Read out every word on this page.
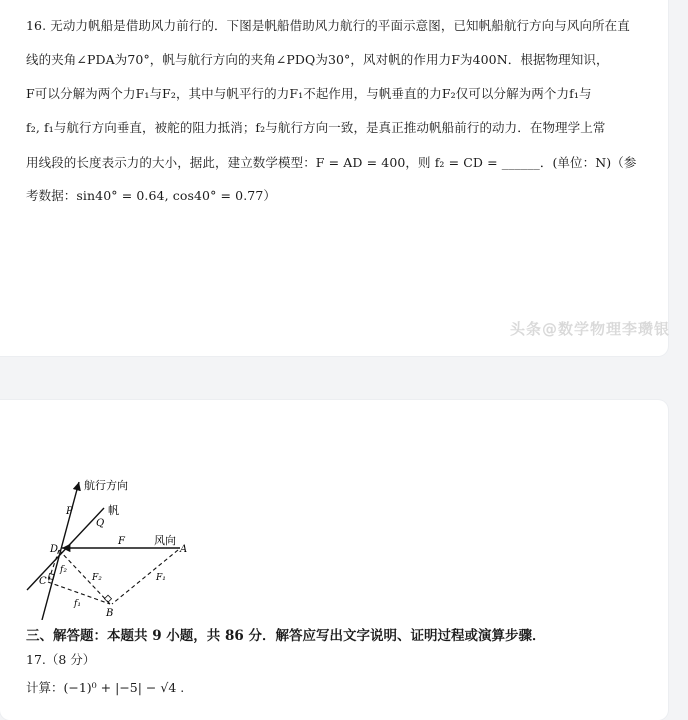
16. 无动力帆船是借助风力前行的．下图是帆船借助风力航行的平面示意图，已知帆船航行方向与风向所在直
线的夹角∠PDA为70°，帆与航行方向的夹角∠PDQ为30°，风对帆的作用力F为400N．根据物理知识，
F可以分解为两个力F₁与F₂，其中与帆平行的力F₁不起作用，与帆垂直的力F₂仅可以分解为两个力f₁与
f₂, f₁与航行方向垂直，被舵的阻力抵消；f₂与航行方向一致，是真正推动帆船前行的动力．在物理学上常
用线段的长度表示力的大小，据此，建立数学模型：F = AD = 400，则 f₂ = CD = ______．(单位：N)（参
考数据：sin40° = 0.64, cos40° = 0.77）
头条@数学物理李瓒银
航行方向
P
Q
帆
风向
D	A
F
f₂
F₂	F₁
C
f₁
B
三、解答题：本题共 9 小题，共 86 分．解答应写出文字说明、证明过程或演算步骤．
17.（8 分）
计算：(−1)⁰ + |−5| − √4 .
